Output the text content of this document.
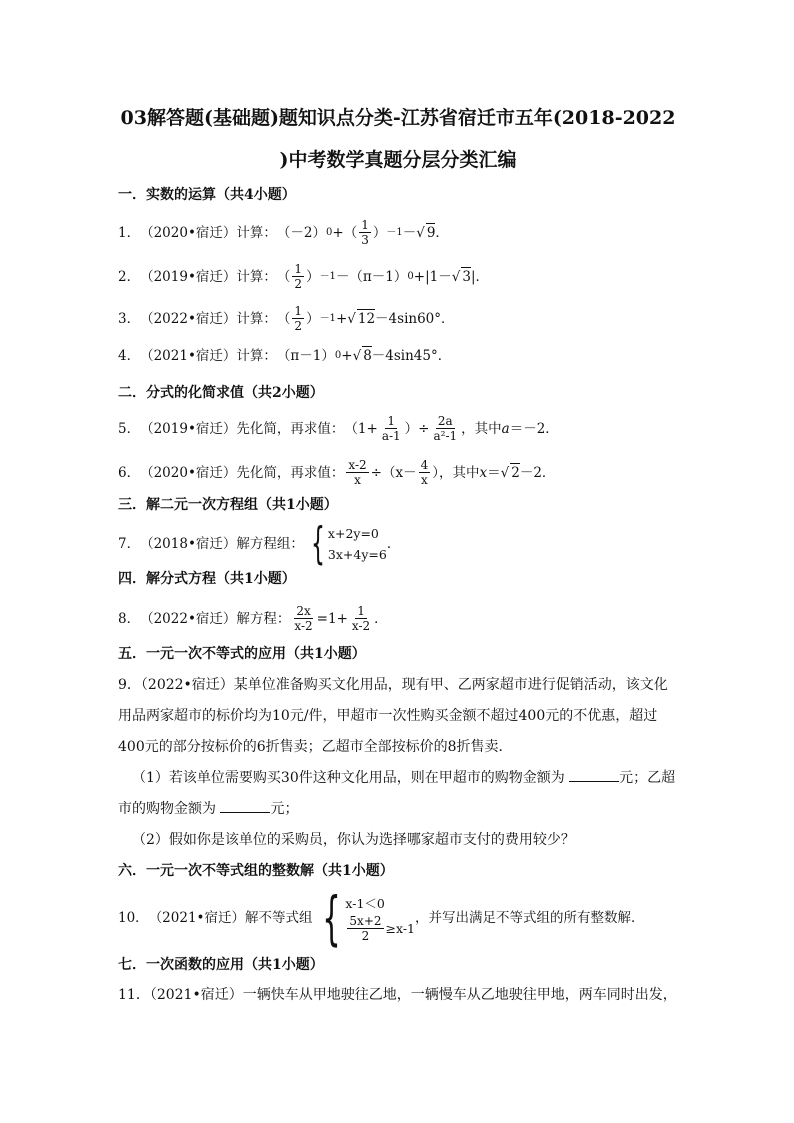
03解答题(基础题)题知识点分类-江苏省宿迁市五年(2018-2022
)中考数学真题分层分类汇编
一．实数的运算（共4小题）
1． （2020•宿迁）计算： （－2） 0 +（ $\frac{1}{3}$ ） －1 － √ 9 ．
2． （2019•宿迁）计算： （ $\frac{1}{2}$ ） －1 －（π－1） 0 +|1－ √ 3 |．
3． （2022•宿迁）计算： （ $\frac{1}{2}$ ） －1 + √ 12 －4sin60°．
4． （2021•宿迁）计算： （π－1） 0 + √ 8 －4sin45°．
二．分式的化简求值（共2小题）
5． （2019•宿迁）先化简，再求值： （$1+ \frac{1}{a-1}$ ）÷ $\frac{2a}{\text{a²-1}}$ ，其中 a ＝－2．
6． （2020•宿迁）先化简，再求值： $\frac{x-2}{x} \div(x- \frac{4}{x}$ ），其中 x ＝ √ 2 －2．
三．解二元一次方程组（共1小题）
7． （2018•宿迁）解方程组： { x+2y=0
3x+4y=6
．
四．解分式方程（共1小题）
8． （2022•宿迁）解方程： $\frac{2x}{x-2} =1+ \frac{1}{x-2}$ ．
五．一元一次不等式的应用（共1小题）
9．（2022•宿迁）某单位准备购买文化用品，现有甲、乙两家超市进行促销活动，该文化用品两家超市的标价均为10元/件，甲超市一次性购买金额不超过400元的不优惠，超过400元的部分按标价的6折售卖；乙超市全部按标价的8折售卖．
（1）若该单位需要购买30件这种文化用品，则在甲超市的购物金额为	元；乙超市的购物金额为	元；
（2）假如你是该单位的采购员，你认为选择哪家超市支付的费用较少？
六．一元一次不等式组的整数解（共1小题）
10． （2021•宿迁）解不等式组 { x-1＜0
$\frac{5x+2}{2} \ge x-1$
，并写出满足不等式组的所有整数解．
七．一次函数的应用（共1小题）
11．（2021•宿迁）一辆快车从甲地驶往乙地，一辆慢车从乙地驶往甲地，两车同时出发，
